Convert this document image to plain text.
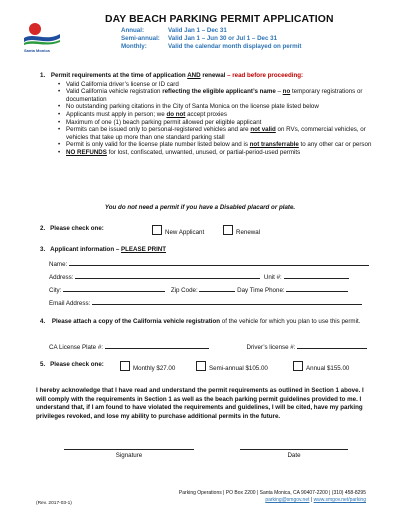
Santa Monica
DAY BEACH PARKING PERMIT APPLICATION
Annual:	Valid Jan 1 – Dec 31
Semi-annual: Valid Jan 1 – Jun 30 or Jul 1 – Dec 31
Monthly:	Valid the calendar month displayed on permit
1. Permit requirements at the time of application AND renewal – read before proceeding:
• Valid California driver’s license or ID card
• Valid California vehicle registration reflecting the eligible applicant’s name – no temporary registrations or documentation
• No outstanding parking citations in the City of Santa Monica on the license plate listed below
• Applicants must apply in person; we do not accept proxies
• Maximum of one (1) beach parking permit allowed per eligible applicant
• Permits can be issued only to personal-registered vehicles and are not valid on RVs, commercial vehicles, or vehicles that take up more than one standard parking stall
• Permit is only valid for the license plate number listed below and is not transferrable to any other car or person
• NO REFUNDS for lost, confiscated, unwanted, unused, or partial-period-used permits
You do not need a permit if you have a Disabled placard or plate.
2. Please check one:
New Applicant	Renewal
3. Applicant information – PLEASE PRINT
Name:
Address:	Unit #:
City:	Zip Code:	Day Time Phone:
Email Address:
4. Please attach a copy of the California vehicle registration of the vehicle for which you plan to use this permit.
CA License Plate #:	Driver’s license #:
5. Please check one:
Monthly $27.00	Semi-annual $105.00	Annual $155.00
I hereby acknowledge that I have read and understand the permit requirements as outlined in Section 1 above. I will comply with the requirements in Section 1 as well as the beach parking permit guidelines provided to me. I understand that, if I am found to have violated the requirements and guidelines, I will be cited, have my parking privileges revoked, and lose my ability to purchase additional permits in the future.
Signature	Date
(Rev. 2017-03-1)
Parking Operations | PO Box 2200 | Santa Monica, CA 90407-2200 | (310) 458-8295
parking@smgov.net | www.smgov.net/parking
